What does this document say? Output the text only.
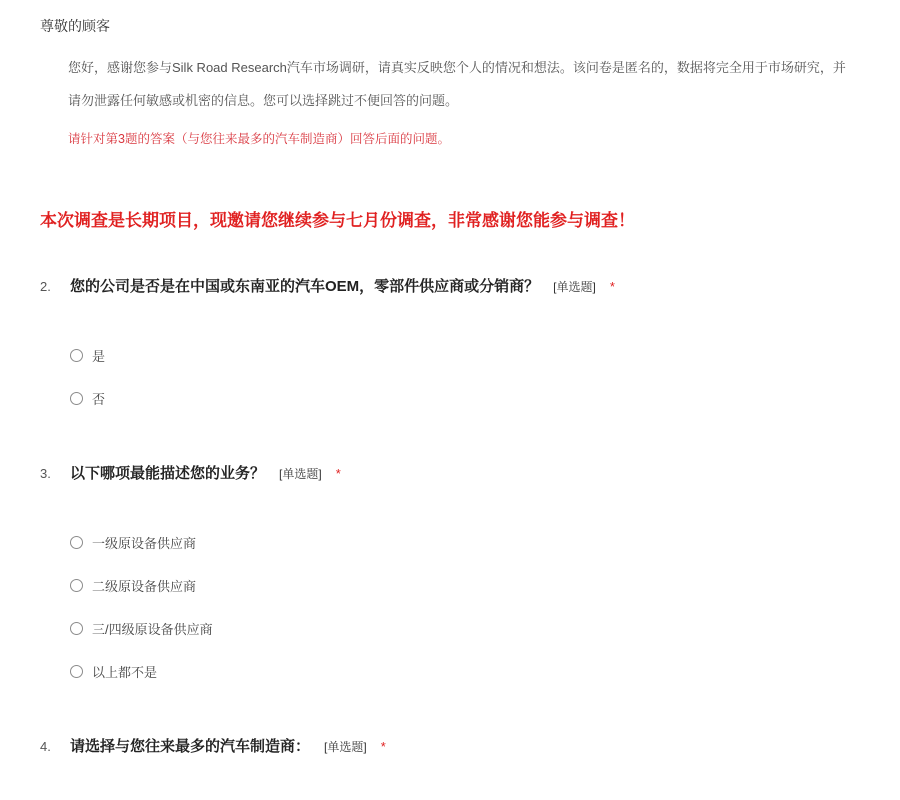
尊敬的顾客
您好，感谢您参与Silk Road Research汽车市场调研，请真实反映您个人的情况和想法。该问卷是匿名的，数据将完全用于市场研究，并
请勿泄露任何敏感或机密的信息。您可以选择跳过不便回答的问题。
请针对第3题的答案（与您往来最多的汽车制造商）回答后面的问题。
本次调查是长期项目，现邀请您继续参与七月份调查，非常感谢您能参与调查！
2.	您的公司是否是在中国或东南亚的汽车OEM，零部件供应商或分销商？ [单选题] *
是
否
3.	以下哪项最能描述您的业务？ [单选题] *
一级原设备供应商
二级原设备供应商
三/四级原设备供应商
以上都不是
4.	请选择与您往来最多的汽车制造商： [单选题] *
